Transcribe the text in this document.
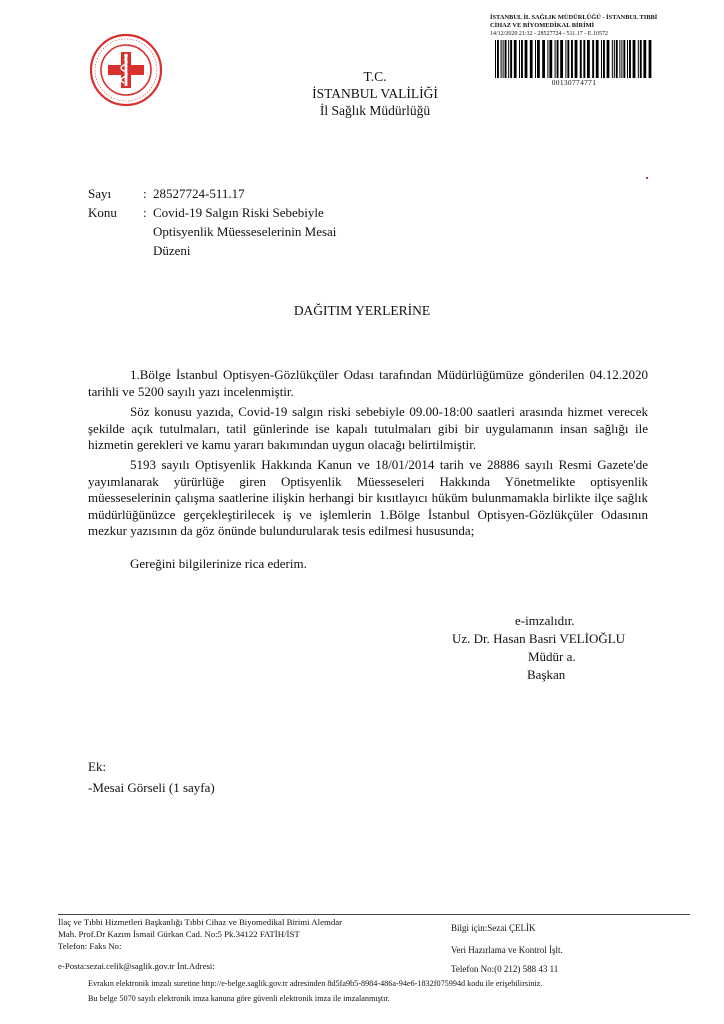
İSTANBUL İL SAĞLIK MÜDÜRLÜĞÜ - İSTANBUL TIBBİ
CİHAZ VE BİYOMEDİKAL BİRİMİ
14/12/2020 21:32 - 28527724 - 511.17 - E.10572
00130774771
T.C.
İSTANBUL VALİLİĞİ
İl Sağlık Müdürlüğü
Sayı : 28527724-511.17
Konu : Covid-19 Salgın Riski Sebebiyle
Optisyenlik Müesseselerinin Mesai
Düzeni
DAĞITIM YERLERİNE
1.Bölge İstanbul Optisyen-Gözlükçüler Odası tarafından Müdürlüğümüze gönderilen 04.12.2020 tarihli ve 5200 sayılı yazı incelenmiştir.
Söz konusu yazıda, Covid-19 salgın riski sebebiyle 09.00-18:00 saatleri arasında hizmet verecek şekilde açık tutulmaları, tatil günlerinde ise kapalı tutulmaları gibi bir uygulamanın insan sağlığı ile hizmetin gerekleri ve kamu yararı bakımından uygun olacağı belirtilmiştir.
5193 sayılı Optisyenlik Hakkında Kanun ve 18/01/2014 tarih ve 28886 sayılı Resmi Gazete'de yayımlanarak yürürlüğe giren Optisyenlik Müesseseleri Hakkında Yönetmelikte optisyenlik müesseselerinin çalışma saatlerine ilişkin herhangi bir kısıtlayıcı hüküm bulunmamakla birlikte ilçe sağlık müdürlüğünüzce gerçekleştirilecek iş ve işlemlerin 1.Bölge İstanbul Optisyen-Gözlükçüler Odasının mezkur yazısının da göz önünde bulundurularak tesis edilmesi hususunda;
Gereğini bilgilerinize rica ederim.
e-imzalıdır.
Uz. Dr. Hasan Basri VELİOĞLU
Müdür a.
Başkan
Ek:
-Mesai Görseli (1 sayfa)
İlaç ve Tıbbi Hizmetleri Başkanlığı Tıbbi Cihaz ve Biyomedikal Birimi Alemdar
Mah. Prof.Dr Kazım İsmail Gürkan Cad. No:5 Pk.34122 FATİH/İST
Telefon: Faks No:
e-Posta:sezai.celik@saglik.gov.tr İnt.Adresi:
Bilgi için:Sezai ÇELİK
Veri Hazırlama ve Kontrol İşlt.
Telefon No:(0 212) 588 43 11
Evrakın elektronik imzalı suretine http://e-belge.saglik.gov.tr adresinden 8d5fa9b5-8984-486a-94e6-1832f075994d kodu ile erişebilirsiniz.
Bu belge 5070 sayılı elektronik imza kanuna göre güvenli elektronik imza ile imzalanmıştır.
